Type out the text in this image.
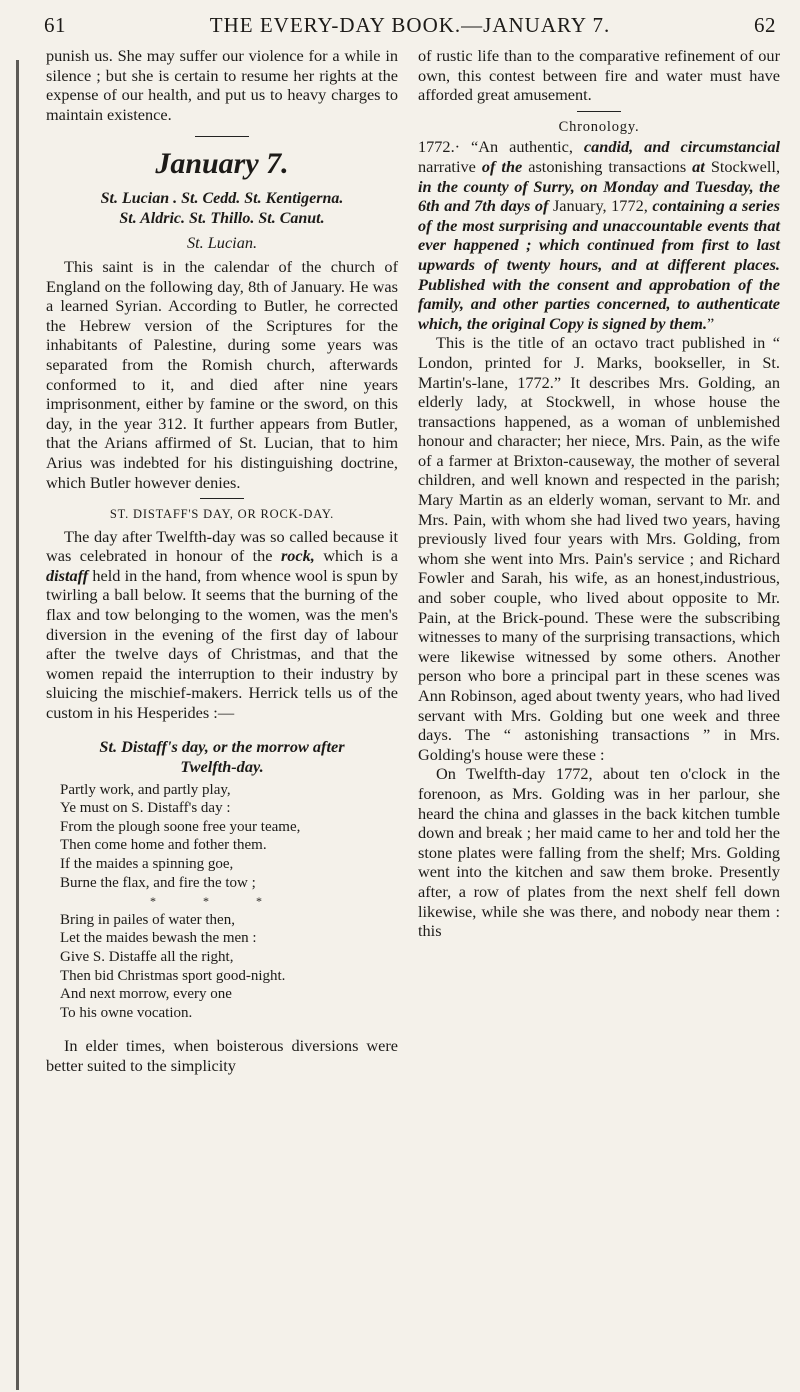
61	THE EVERY-DAY BOOK.—JANUARY 7.	62

punish us. She may suffer our violence for a while in silence ; but she is certain to resume her rights at the expense of our health, and put us to heavy charges to maintain existence.

January 7.
St. Lucian . St. Cedd. St. Kentigerna.
St. Aldric. St. Thillo. St. Canut.
St. Lucian.

This saint is in the calendar of the church of England on the following day, 8th of January. He was a learned Syrian. According to Butler, he corrected the Hebrew version of the Scriptures for the inhabitants of Palestine, during some years was separated from the Romish church, afterwards conformed to it, and died after nine years imprisonment, either by famine or the sword, on this day, in the year 312. It further appears from Butler, that the Arians affirmed of St. Lucian, that to him Arius was indebted for his distinguishing doctrine, which Butler however denies.

ST. DISTAFF'S DAY, OR ROCK-DAY.

The day after Twelfth-day was so called because it was celebrated in honour of the rock, which is a distaff held in the hand, from whence wool is spun by twirling a ball below. It seems that the burning of the flax and tow belonging to the women, was the men's diversion in the evening of the first day of labour after the twelve days of Christmas, and that the women repaid the interruption to their industry by sluicing the mischief-makers. Herrick tells us of the custom in his Hesperides :—

St. Distaff's day, or the morrow after
Twelfth-day.
Partly work, and partly play,
Ye must on S. Distaff's day :
From the plough soone free your teame,
Then come home and fother them.
If the maides a spinning goe,
Burne the flax, and fire the tow ;
* * *
Bring in pailes of water then,
Let the maides bewash the men :
Give S. Distaffe all the right,
Then bid Christmas sport good-night.
And next morrow, every one
To his owne vocation.

In elder times, when boisterous diversions were better suited to the simplicity

of rustic life than to the comparative refinement of our own, this contest between fire and water must have afforded great amusement.

Chronology.

1772.· “An authentic, candid, and circumstancial narrative of the astonishing transactions at Stockwell, in the county of Surry, on Monday and Tuesday, the 6th and 7th days of January, 1772, containing a series of the most surprising and unaccountable events that ever happened ; which continued from first to last upwards of twenty hours, and at different places. Published with the consent and approbation of the family, and other parties concerned, to authenticate which, the original Copy is signed by them.”

This is the title of an octavo tract published in “ London, printed for J. Marks, bookseller, in St. Martin's-lane, 1772.” It describes Mrs. Golding, an elderly lady, at Stockwell, in whose house the transactions happened, as a woman of unblemished honour and character; her niece, Mrs. Pain, as the wife of a farmer at Brixton-causeway, the mother of several children, and well known and respected in the parish; Mary Martin as an elderly woman, servant to Mr. and Mrs. Pain, with whom she had lived two years, having previously lived four years with Mrs. Golding, from whom she went into Mrs. Pain's service ; and Richard Fowler and Sarah, his wife, as an honest,industrious, and sober couple, who lived about opposite to Mr. Pain, at the Brick-pound. These were the subscribing witnesses to many of the surprising transactions, which were likewise witnessed by some others. Another person who bore a principal part in these scenes was Ann Robinson, aged about twenty years, who had lived servant with Mrs. Golding but one week and three days. The “ astonishing transactions ” in Mrs. Golding's house were these :

On Twelfth-day 1772, about ten o'clock in the forenoon, as Mrs. Golding was in her parlour, she heard the china and glasses in the back kitchen tumble down and break ; her maid came to her and told her the stone plates were falling from the shelf; Mrs. Golding went into the kitchen and saw them broke. Presently after, a row of plates from the next shelf fell down likewise, while she was there, and nobody near them : this
